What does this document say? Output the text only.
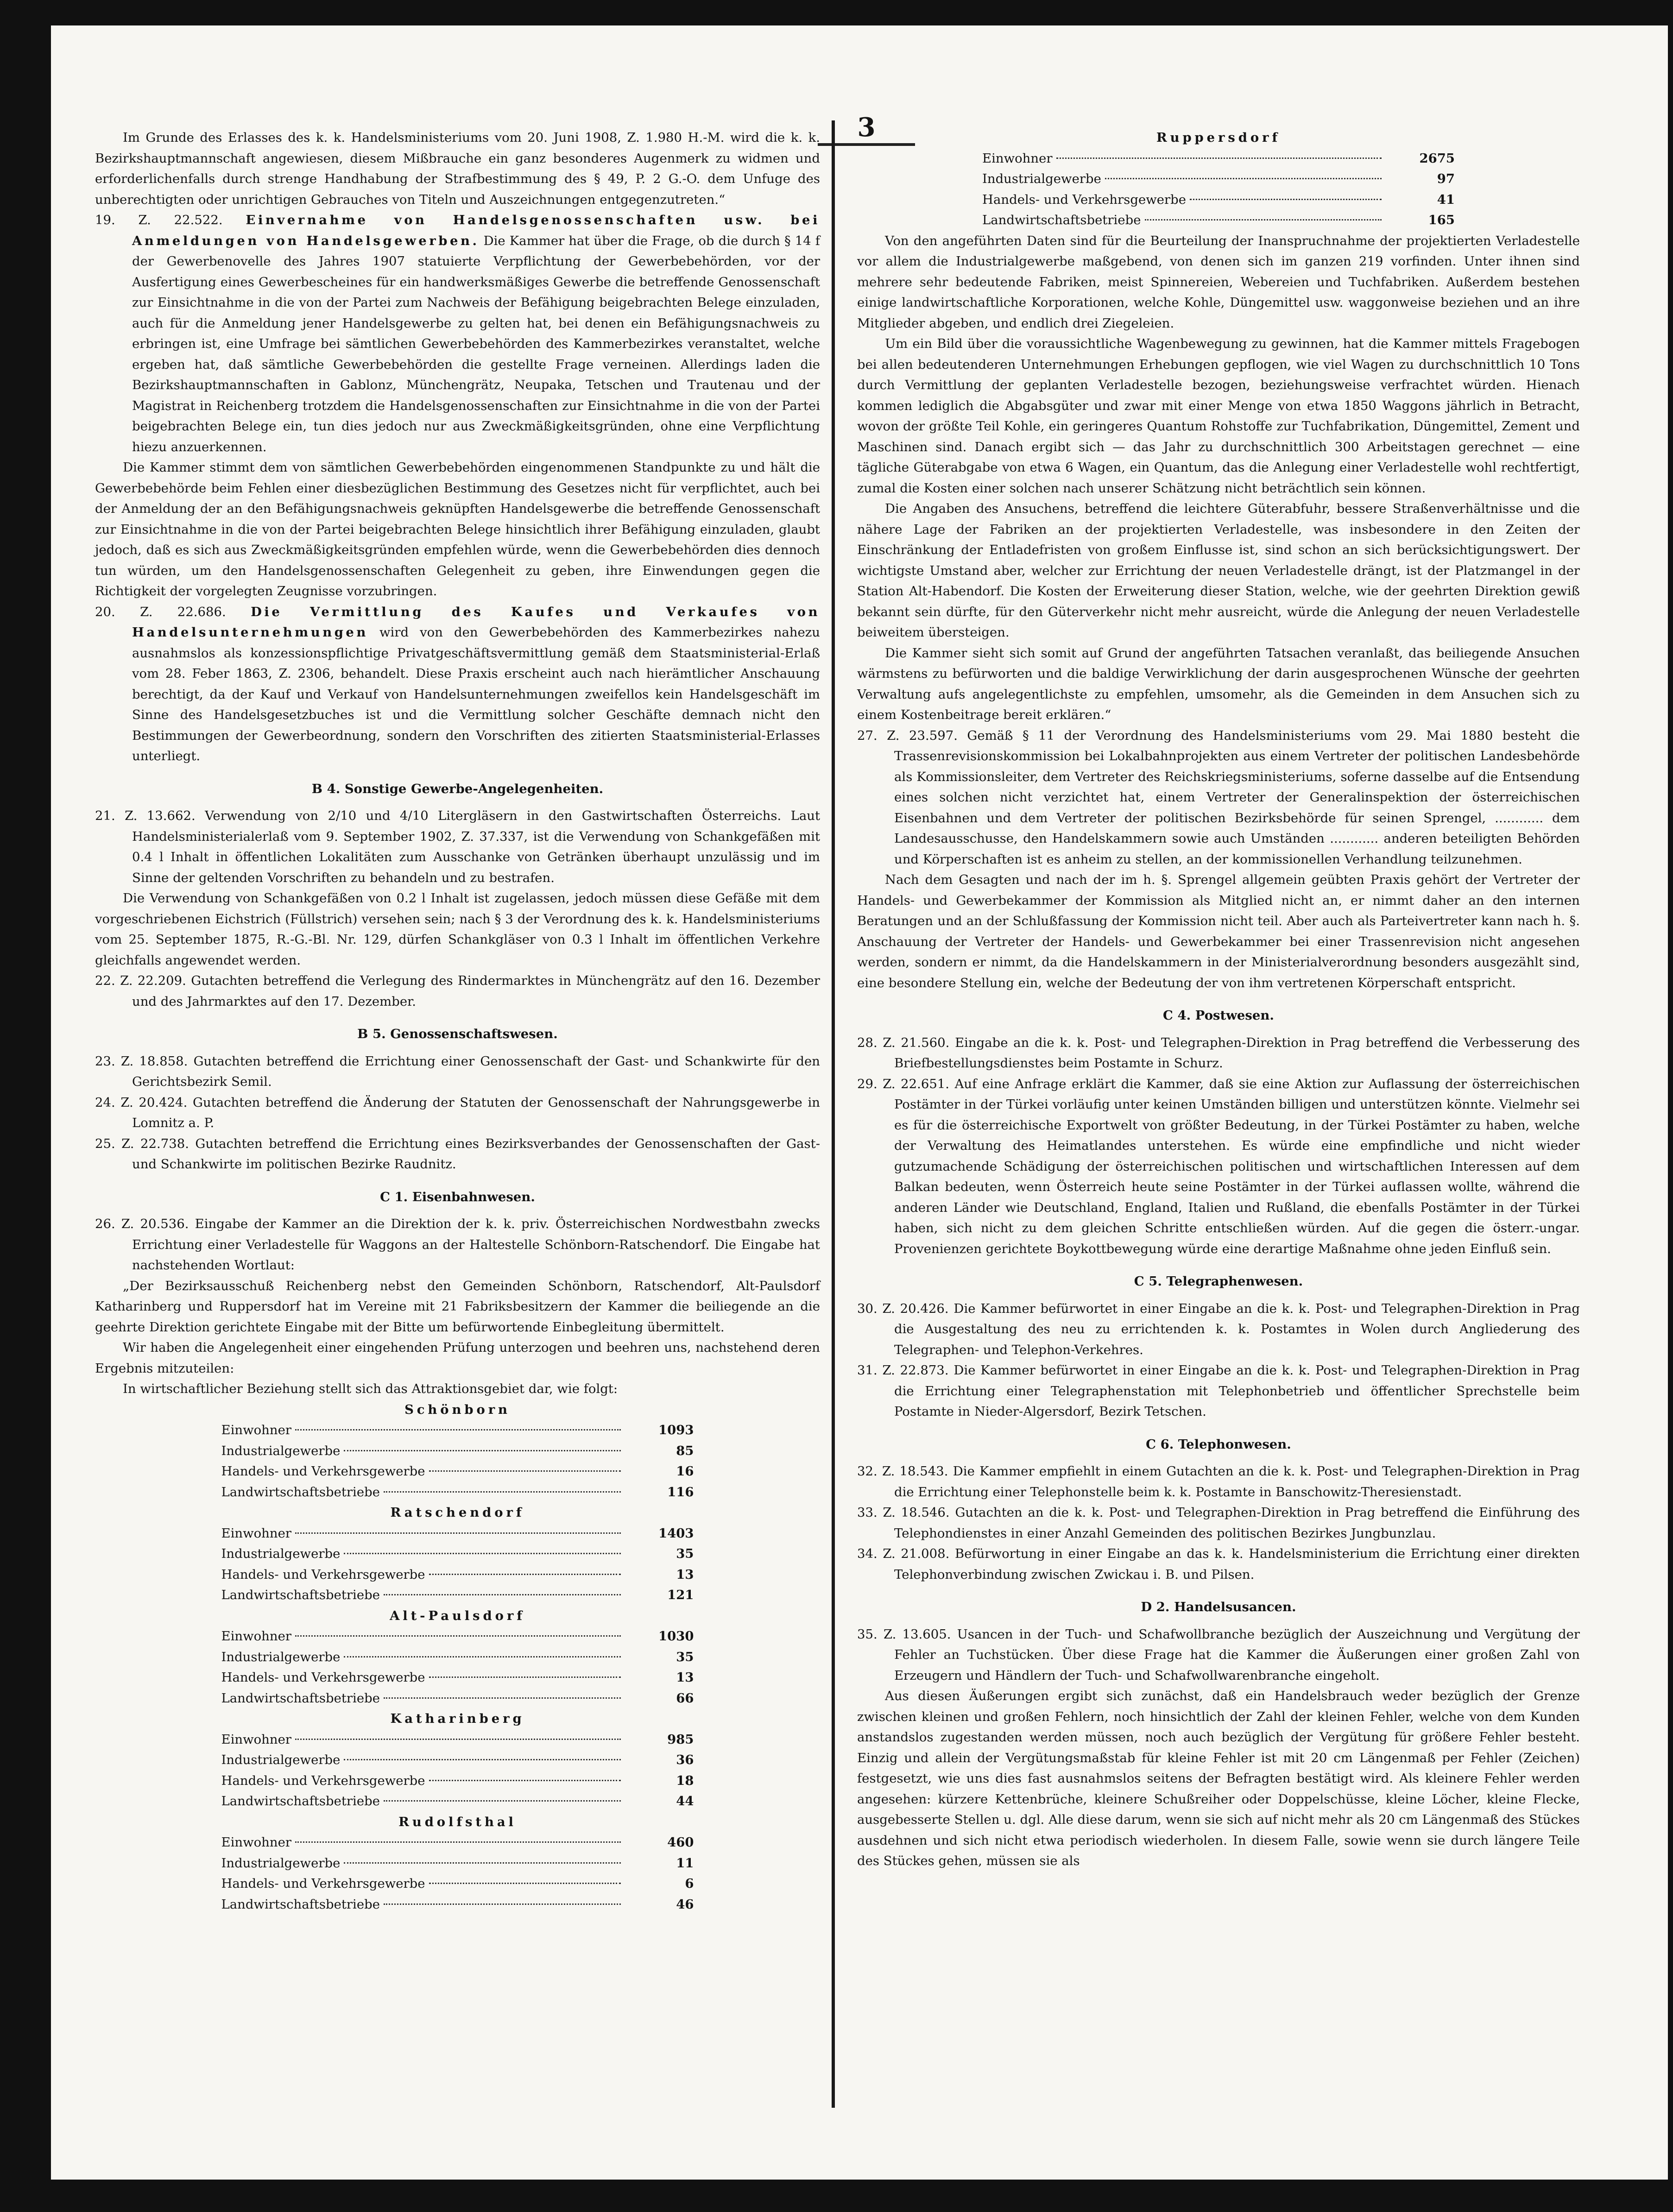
3

Im Grunde des Erlasses des k. k. Handelsministeriums vom 20. Juni 1908, Z. 1.980 H.-M. wird die k. k. Bezirkshauptmannschaft angewiesen, diesem Mißbrauche ein ganz besonderes Augenmerk zu widmen und erforderlichenfalls durch strenge Handhabung der Strafbestimmung des § 49, P. 2 G.-O. dem Unfuge des unberechtigten oder unrichtigen Gebrauches von Titeln und Auszeichnungen entgegenzutreten.“

19. Z. 22.522. Einvernahme von Handelsgenossenschaften usw. bei Anmeldungen von Handelsgewerben. Die Kammer hat über die Frage, ob die durch § 14 f der Gewerbenovelle des Jahres 1907 statuierte Verpflichtung der Gewerbebehörden, vor der Ausfertigung eines Gewerbescheines für ein handwerksmäßiges Gewerbe die betreffende Genossenschaft zur Einsichtnahme in die von der Partei zum Nachweis der Befähigung beigebrachten Belege einzuladen, auch für die Anmeldung jener Handelsgewerbe zu gelten hat, bei denen ein Befähigungsnachweis zu erbringen ist, eine Umfrage bei sämtlichen Gewerbebehörden des Kammerbezirkes veranstaltet, welche ergeben hat, daß sämtliche Gewerbebehörden die gestellte Frage verneinen. Allerdings laden die Bezirkshauptmannschaften in Gablonz, Münchengrätz, Neupaka, Tetschen und Trautenau und der Magistrat in Reichenberg trotzdem die Handelsgenossenschaften zur Einsichtnahme in die von der Partei beigebrachten Belege ein, tun dies jedoch nur aus Zweckmäßigkeitsgründen, ohne eine Verpflichtung hiezu anzuerkennen.

Die Kammer stimmt dem von sämtlichen Gewerbebehörden eingenommenen Standpunkte zu und hält die Gewerbebehörde beim Fehlen einer diesbezüglichen Bestimmung des Gesetzes nicht für verpflichtet, auch bei der Anmeldung der an den Befähigungsnachweis geknüpften Handelsgewerbe die betreffende Genossenschaft zur Einsichtnahme in die von der Partei beigebrachten Belege hinsichtlich ihrer Befähigung einzuladen, glaubt jedoch, daß es sich aus Zweckmäßigkeitsgründen empfehlen würde, wenn die Gewerbebehörden dies dennoch tun würden, um den Handelsgenossenschaften Gelegenheit zu geben, ihre Einwendungen gegen die Richtigkeit der vorgelegten Zeugnisse vorzubringen.

20. Z. 22.686. Die Vermittlung des Kaufes und Verkaufes von Handelsunternehmungen wird von den Gewerbebehörden des Kammerbezirkes nahezu ausnahmslos als konzessionspflichtige Privatgeschäftsvermittlung gemäß dem Staatsministerial-Erlaß vom 28. Feber 1863, Z. 2306, behandelt. Diese Praxis erscheint auch nach hierämtlicher Anschauung berechtigt, da der Kauf und Verkauf von Handelsunternehmungen zweifellos kein Handelsgeschäft im Sinne des Handelsgesetzbuches ist und die Vermittlung solcher Geschäfte demnach nicht den Bestimmungen der Gewerbeordnung, sondern den Vorschriften des zitierten Staatsministerial-Erlasses unterliegt.

B 4. Sonstige Gewerbe-Angelegenheiten.

21. Z. 13.662. Verwendung von 2/10 und 4/10 Litergläsern in den Gastwirtschaften Österreichs. Laut Handelsministerialerlaß vom 9. September 1902, Z. 37.337, ist die Verwendung von Schankgefäßen mit 0.4 l Inhalt in öffentlichen Lokalitäten zum Ausschanke von Getränken überhaupt unzulässig und im Sinne der geltenden Vorschriften zu behandeln und zu bestrafen.

Die Verwendung von Schankgefäßen von 0.2 l Inhalt ist zugelassen, jedoch müssen diese Gefäße mit dem vorgeschriebenen Eichstrich (Füllstrich) versehen sein; nach § 3 der Verordnung des k. k. Handelsministeriums vom 25. September 1875, R.-G.-Bl. Nr. 129, dürfen Schankgläser von 0.3 l Inhalt im öffentlichen Verkehre gleichfalls angewendet werden.

22. Z. 22.209. Gutachten betreffend die Verlegung des Rindermarktes in Münchengrätz auf den 16. Dezember und des Jahrmarktes auf den 17. Dezember.

B 5. Genossenschaftswesen.

23. Z. 18.858. Gutachten betreffend die Errichtung einer Genossenschaft der Gast- und Schankwirte für den Gerichtsbezirk Semil.

24. Z. 20.424. Gutachten betreffend die Änderung der Statuten der Genossenschaft der Nahrungsgewerbe in Lomnitz a. P.

25. Z. 22.738. Gutachten betreffend die Errichtung eines Bezirksverbandes der Genossenschaften der Gast- und Schankwirte im politischen Bezirke Raudnitz.

C 1. Eisenbahnwesen.

26. Z. 20.536. Eingabe der Kammer an die Direktion der k. k. priv. Österreichischen Nordwestbahn zwecks Errichtung einer Verladestelle für Waggons an der Haltestelle Schönborn-Ratschendorf. Die Eingabe hat nachstehenden Wortlaut:

„Der Bezirksausschuß Reichenberg nebst den Gemeinden Schönborn, Ratschendorf, Alt-Paulsdorf Katharinberg und Ruppersdorf hat im Vereine mit 21 Fabriksbesitzern der Kammer die beiliegende an die geehrte Direktion gerichtete Eingabe mit der Bitte um befürwortende Einbegleitung übermittelt.

Wir haben die Angelegenheit einer eingehenden Prüfung unterzogen und beehren uns, nachstehend deren Ergebnis mitzuteilen:

In wirtschaftlicher Beziehung stellt sich das Attraktionsgebiet dar, wie folgt:

Schönborn
Einwohner	1093
Industrialgewerbe	85
Handels- und Verkehrsgewerbe	16
Landwirtschaftsbetriebe	116
Ratschendorf
Einwohner	1403
Industrialgewerbe	35
Handels- und Verkehrsgewerbe	13
Landwirtschaftsbetriebe	121
Alt-Paulsdorf
Einwohner	1030
Industrialgewerbe	35
Handels- und Verkehrsgewerbe	13
Landwirtschaftsbetriebe	66
Katharinberg
Einwohner	985
Industrialgewerbe	36
Handels- und Verkehrsgewerbe	18
Landwirtschaftsbetriebe	44
Rudolfsthal
Einwohner	460
Industrialgewerbe	11
Handels- und Verkehrsgewerbe	6
Landwirtschaftsbetriebe	46
Ruppersdorf
Einwohner	2675
Industrialgewerbe	97
Handels- und Verkehrsgewerbe	41
Landwirtschaftsbetriebe	165

Von den angeführten Daten sind für die Beurteilung der Inanspruchnahme der projektierten Verladestelle vor allem die Industrialgewerbe maßgebend, von denen sich im ganzen 219 vorfinden. Unter ihnen sind mehrere sehr bedeutende Fabriken, meist Spinnereien, Webereien und Tuchfabriken. Außerdem bestehen einige landwirtschaftliche Korporationen, welche Kohle, Düngemittel usw. waggonweise beziehen und an ihre Mitglieder abgeben, und endlich drei Ziegeleien.

Um ein Bild über die voraussichtliche Wagenbewegung zu gewinnen, hat die Kammer mittels Fragebogen bei allen bedeutenderen Unternehmungen Erhebungen gepflogen, wie viel Wagen zu durchschnittlich 10 Tons durch Vermittlung der geplanten Verladestelle bezogen, beziehungsweise verfrachtet würden. Hienach kommen lediglich die Abgabsgüter und zwar mit einer Menge von etwa 1850 Waggons jährlich in Betracht, wovon der größte Teil Kohle, ein geringeres Quantum Rohstoffe zur Tuchfabrikation, Düngemittel, Zement und Maschinen sind. Danach ergibt sich — das Jahr zu durchschnittlich 300 Arbeitstagen gerechnet — eine tägliche Güterabgabe von etwa 6 Wagen, ein Quantum, das die Anlegung einer Verladestelle wohl rechtfertigt, zumal die Kosten einer solchen nach unserer Schätzung nicht beträchtlich sein können.

Die Angaben des Ansuchens, betreffend die leichtere Güterabfuhr, bessere Straßenverhältnisse und die nähere Lage der Fabriken an der projektierten Verladestelle, was insbesondere in den Zeiten der Einschränkung der Entladefristen von großem Einflusse ist, sind schon an sich berücksichtigungswert. Der wichtigste Umstand aber, welcher zur Errichtung der neuen Verladestelle drängt, ist der Platzmangel in der Station Alt-Habendorf. Die Kosten der Erweiterung dieser Station, welche, wie der geehrten Direktion gewiß bekannt sein dürfte, für den Güterverkehr nicht mehr ausreicht, würde die Anlegung der neuen Verladestelle beiweitem übersteigen.

Die Kammer sieht sich somit auf Grund der angeführten Tatsachen veranlaßt, das beiliegende Ansuchen wärmstens zu befürworten und die baldige Verwirklichung der darin ausgesprochenen Wünsche der geehrten Verwaltung aufs angelegentlichste zu empfehlen, umsomehr, als die Gemeinden in dem Ansuchen sich zu einem Kostenbeitrage bereit erklären.“

27. Z. 23.597. Gemäß § 11 der Verordnung des Handelsministeriums vom 29. Mai 1880 besteht die Trassenrevisionskommission bei Lokalbahnprojekten aus einem Vertreter der politischen Landesbehörde als Kommissionsleiter, dem Vertreter des Reichskriegsministeriums, soferne dasselbe auf die Entsendung eines solchen nicht verzichtet hat, einem Vertreter der Generalinspektion der österreichischen Eisenbahnen und dem Vertreter der politischen Bezirksbehörde für seinen Sprengel, ............ dem Landesausschusse, den Handelskammern sowie auch Umständen ............ anderen beteiligten Behörden und Körperschaften ist es anheim zu stellen, an der kommissionellen Verhandlung teilzunehmen.

Nach dem Gesagten und nach der im h. §. Sprengel allgemein geübten Praxis gehört der Vertreter der Handels- und Gewerbekammer der Kommission als Mitglied nicht an, er nimmt daher an den internen Beratungen und an der Schlußfassung der Kommission nicht teil. Aber auch als Parteivertreter kann nach h. §. Anschauung der Vertreter der Handels- und Gewerbekammer bei einer Trassenrevision nicht angesehen werden, sondern er nimmt, da die Handelskammern in der Ministerialverordnung besonders ausgezählt sind, eine besondere Stellung ein, welche der Bedeutung der von ihm vertretenen Körperschaft entspricht.

C 4. Postwesen.

28. Z. 21.560. Eingabe an die k. k. Post- und Telegraphen-Direktion in Prag betreffend die Verbesserung des Briefbestellungsdienstes beim Postamte in Schurz.

29. Z. 22.651. Auf eine Anfrage erklärt die Kammer, daß sie eine Aktion zur Auflassung der österreichischen Postämter in der Türkei vorläufig unter keinen Umständen billigen und unterstützen könnte. Vielmehr sei es für die österreichische Exportwelt von größter Bedeutung, in der Türkei Postämter zu haben, welche der Verwaltung des Heimatlandes unterstehen. Es würde eine empfindliche und nicht wieder gutzumachende Schädigung der österreichischen politischen und wirtschaftlichen Interessen auf dem Balkan bedeuten, wenn Österreich heute seine Postämter in der Türkei auflassen wollte, während die anderen Länder wie Deutschland, England, Italien und Rußland, die ebenfalls Postämter in der Türkei haben, sich nicht zu dem gleichen Schritte entschließen würden. Auf die gegen die österr.-ungar. Provenienzen gerichtete Boykottbewegung würde eine derartige Maßnahme ohne jeden Einfluß sein.

C 5. Telegraphenwesen.

30. Z. 20.426. Die Kammer befürwortet in einer Eingabe an die k. k. Post- und Telegraphen-Direktion in Prag die Ausgestaltung des neu zu errichtenden k. k. Postamtes in Wolen durch Angliederung des Telegraphen- und Telephon-Verkehres.

31. Z. 22.873. Die Kammer befürwortet in einer Eingabe an die k. k. Post- und Telegraphen-Direktion in Prag die Errichtung einer Telegraphenstation mit Telephonbetrieb und öffentlicher Sprechstelle beim Postamte in Nieder-Algersdorf, Bezirk Tetschen.

C 6. Telephonwesen.

32. Z. 18.543. Die Kammer empfiehlt in einem Gutachten an die k. k. Post- und Telegraphen-Direktion in Prag die Errichtung einer Telephonstelle beim k. k. Postamte in Banschowitz-Theresienstadt.

33. Z. 18.546. Gutachten an die k. k. Post- und Telegraphen-Direktion in Prag betreffend die Einführung des Telephondienstes in einer Anzahl Gemeinden des politischen Bezirkes Jungbunzlau.

34. Z. 21.008. Befürwortung in einer Eingabe an das k. k. Handelsministerium die Errichtung einer direkten Telephonverbindung zwischen Zwickau i. B. und Pilsen.

D 2. Handelsusancen.

35. Z. 13.605. Usancen in der Tuch- und Schafwollbranche bezüglich der Auszeichnung und Vergütung der Fehler an Tuchstücken. Über diese Frage hat die Kammer die Äußerungen einer großen Zahl von Erzeugern und Händlern der Tuch- und Schafwollwarenbranche eingeholt.

Aus diesen Äußerungen ergibt sich zunächst, daß ein Handelsbrauch weder bezüglich der Grenze zwischen kleinen und großen Fehlern, noch hinsichtlich der Zahl der kleinen Fehler, welche von dem Kunden anstandslos zugestanden werden müssen, noch auch bezüglich der Vergütung für größere Fehler besteht. Einzig und allein der Vergütungsmaßstab für kleine Fehler ist mit 20 cm Längenmaß per Fehler (Zeichen) festgesetzt, wie uns dies fast ausnahmslos seitens der Befragten bestätigt wird. Als kleinere Fehler werden angesehen: kürzere Kettenbrüche, kleinere Schußreiher oder Doppelschüsse, kleine Löcher, kleine Flecke, ausgebesserte Stellen u. dgl. Alle diese darum, wenn sie sich auf nicht mehr als 20 cm Längenmaß des Stückes ausdehnen und sich nicht etwa periodisch wiederholen. In diesem Falle, sowie wenn sie durch längere Teile des Stückes gehen, müssen sie als
